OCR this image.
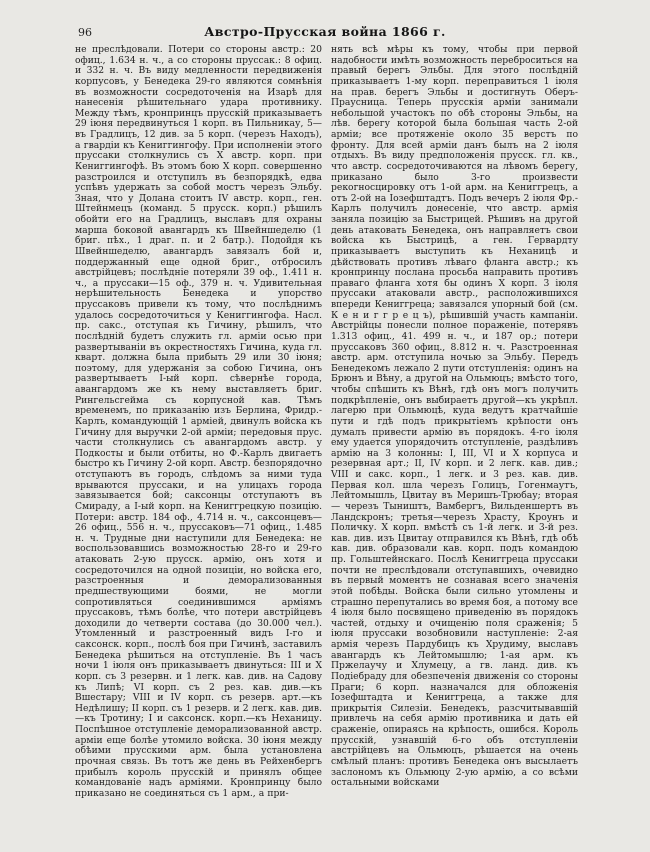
96	Австро-Прусская война 1866 г.
не преслѣдовали. Потери со стороны австр.: 20 офиц., 1.634 н. ч., а со стороны пруссак.: 8 офиц. и 332 н. ч. Въ виду медленности передвиженія корпусовъ, у Бенедека 29-го являются сомнѣнія въ возможности сосредоточенія на Изарѣ для нанесенія рѣшительнаго удара противнику. Между тѣмъ, кронпринцъ прусскій приказываетъ 29 іюня передвинуться 1 корп. въ Пильникау, 5—въ Градлицъ, 12 див. за 5 корп. (черезъ Находъ), а гвардіи къ Кениггингофу. При исполненіи этого пруссаки столкнулись съ X австр. корп. при Кениггингофѣ. Въ этомъ бою X корп. совершенно разстроился и отступилъ въ безпорядкѣ, едва успѣвъ удержать за собой мостъ черезъ Эльбу. Зная, что у Долана стоитъ IV австр. корп., ген. Штейнмецъ (команд. 5 прусск. корп.) рѣшилъ обойти его на Градлицъ, выславъ для охраны марша боковой авангардъ къ Швейншеделю (1 бриг. пѣх., 1 драг. п. и 2 батр.). Подойдя къ Швейншеделю, авангардъ завязалъ бой и, поддержанный еще одной бриг., отбросилъ австрійцевъ; послѣдніе потеряли 39 оф., 1.411 н. ч., а пруссаки—15 оф., 379 н. ч. Удивительная нерѣшительность Бенедека и упорство пруссаковъ привели къ тому, что послѣднимъ удалось сосредоточиться у Кениггингофа. Насл. пр. сакс., отступая къ Гичину, рѣшилъ, что послѣдній будетъ служить гл. арміи осью при развертываніи въ окрестностяхъ Гичина, куда гл. кварт. должна была прибыть 29 или 30 іюня; поэтому, для удержанія за собою Гичина, онъ развертываетъ I-ый корп. сѣвернѣе города, авангардомъ же къ нему выставляетъ бриг. Рингельсгейма съ корпусной кав. Тѣмъ временемъ, по приказанію изъ Берлина, Фридр.-Карлъ, командующій 1 арміей, двинулъ войска къ Гичину для выручки 2-ой арміи; передовыя прус. части столкнулись съ авангардомъ австр. у Подкосты и были отбиты, но Ф.-Карлъ двигаетъ быстро къ Гичину 2-ой корп. Австр. безпорядочно отступаютъ въ городъ, слѣдомъ за ними туда врываются пруссаки, и на улицахъ города завязывается бой; саксонцы отступаютъ въ Смираду, а I-ый корп. на Кениггрецкую позицію. Потери: австр. 184 оф., 4.714 н. ч., саксонцевъ—26 офиц., 556 н. ч., пруссаковъ—71 офиц., 1.485 н. ч. Трудные дни наступили для Бенедека: не воспользовавшись возможностью 28-го и 29-го атаковать 2-ую прусск. армію, онъ хотя и сосредоточился на одной позиціи, но войска его, разстроенныя и деморализованныя предшествующими боями, не могли сопротивляться соединившимся арміямъ пруссаковъ, тѣмъ болѣе, что потери австрійцевъ доходили до четверти состава (до 30.000 чел.). Утомленный и разстроенный видъ I-го и саксонск. корп., послѣ боя при Гичинѣ, заставилъ Бенедека рѣшиться на отступленіе. Въ 1 часъ ночи 1 іюля онъ приказываетъ двинуться: III и X корп. съ 3 резервн. и 1 легк. кав. див. на Садову къ Липѣ; VI корп. съ 2 рез. кав. див.—къ Вшестару; VIII и IV корп. съ резерв. арт.—къ Недѣлишу; II корп. съ 1 резерв. и 2 легк. кав. див.—къ Тротину; I и саксонск. корп.—къ Неханицу. Поспѣшное отступленіе деморализованной австр. арміи еще болѣе утомило войска. 30 іюня между обѣими прусскими арм. была установлена прочная связь. Въ тотъ же день въ Рейхенбергъ прибылъ король прусскій и принялъ общее командованіе надъ арміями. Кронпринцу было приказано не соединяться съ 1 арм., а при-
нять всѣ мѣры къ тому, чтобы при первой надобности имѣть возможность переброситься на правый берегъ Эльбы. Для этого послѣдній приказываетъ 1-му корп. переправиться 1 іюля на прав. берегъ Эльбы и достигнуть Оберъ-Праусница. Теперь прусскія арміи занимали небольшой участокъ по обѣ стороны Эльбы, на лѣв. берегу которой была большая часть 2-ой арміи; все протяженіе около 35 верстъ по фронту. Для всей арміи данъ былъ на 2 іюля отдыхъ. Въ виду предположенія прусск. гл. кв., что австр. сосредоточиваются на лѣвомъ берегу, приказано было 3-го произвести рекогносцировку отъ 1-ой арм. на Кениггрецъ, а отъ 2-ой на Іозефштадтъ. Подъ вечеръ 2 іюля Фр.-Карлъ получилъ донесеніе, что австр. армія заняла позицію за Быстрицей. Рѣшивъ на другой день атаковать Бенедека, онъ направляетъ свои войска къ Быстрицѣ, а ген. Гервардту приказываетъ выступить къ Неханицѣ и дѣйствовать противъ лѣваго фланга австр.; къ кронпринцу послана просьба направить противъ праваго фланга хотя бы одинъ X корп. 3 іюля пруссаки атаковали австр., расположившихся впереди Кениггреца; завязался упорный бой (см. К е н и г г р е ц ъ), рѣшившій участь кампаніи. Австрійцы понесли полное пораженіе, потерявъ 1.313 офиц., 41. 499 н. ч., и 187 ор.; потери пруссаковъ 360 офиц., 8.812 н. ч. Разстроенная австр. арм. отступила ночью за Эльбу. Передъ Бенедекомъ лежало 2 пути отступленія: одинъ на Брюнъ и Вѣну, а другой на Ольмюцъ; вмѣсто того, чтобы спѣшить къ Вѣнѣ, гдѣ онъ могъ получить подкрѣпленіе, онъ выбираетъ другой—къ укрѣпл. лагерю при Ольмюцѣ, куда ведутъ кратчайшіе пути и гдѣ подъ прикрытіемъ крѣпости онъ думалъ привести армію въ порядокъ. 4-го іюля ему удается упорядочить отступленіе, раздѣливъ армію на 3 колонны: I, III, VI и X корпуса и резервная арт.; II, IV корп. и 2 легк. кав. див.; VIII и сакс. корп., 1 легк. и 3 рез. кав. див. Первая кол. шла черезъ Голицъ, Гогенмаутъ, Лейтомышль, Цвитау въ Меришъ-Трюбау; вторая — черезъ Тыништъ, Вамбергъ, Вильденшертъ въ Ландскронъ; третья—черезъ Храсту, Кроунъ и Поличку. X корп. вмѣстѣ съ 1-й легк. и 3-й рез. кав. див. изъ Цвитау отправился къ Вѣнѣ, гдѣ обѣ кав. див. образовали кав. корп. подъ командою пр. Гольштейнскаго. Послѣ Кениггреца пруссаки почти не преслѣдовали отступавшихъ, очевидно въ первый моментъ не сознавая всего значенія этой побѣды. Войска были сильно утомлены и страшно перепутались во время боя, а потому все 4 іюля было посвящено приведенію въ порядокъ частей, отдыху и очищенію поля сраженія; 5 іюля пруссаки возобновили наступленіе: 2-ая армія черезъ Пардубицъ къ Хрудиму, выславъ авангардъ къ Лейтомышлю; 1-ая арм. къ Пржелаучу и Хлумецу, а гв. ланд. див. къ Подіебраду для обезпеченія движенія со стороны Праги; 6 корп. назначался для обложенія Іозефштадта и Кениггреца, а также для прикрытія Силезіи. Бенедекъ, разсчитывавшій привлечь на себя армію противника и дать ей сраженіе, опираясь на крѣпость, ошибся. Король прусскій, узнавшій 6-го объ отступленіи австрійцевъ на Ольмюцъ, рѣшается на очень смѣлый планъ: противъ Бенедека онъ высылаетъ заслономъ къ Ольмюцу 2-ую армію, а со всѣми остальными войсками
